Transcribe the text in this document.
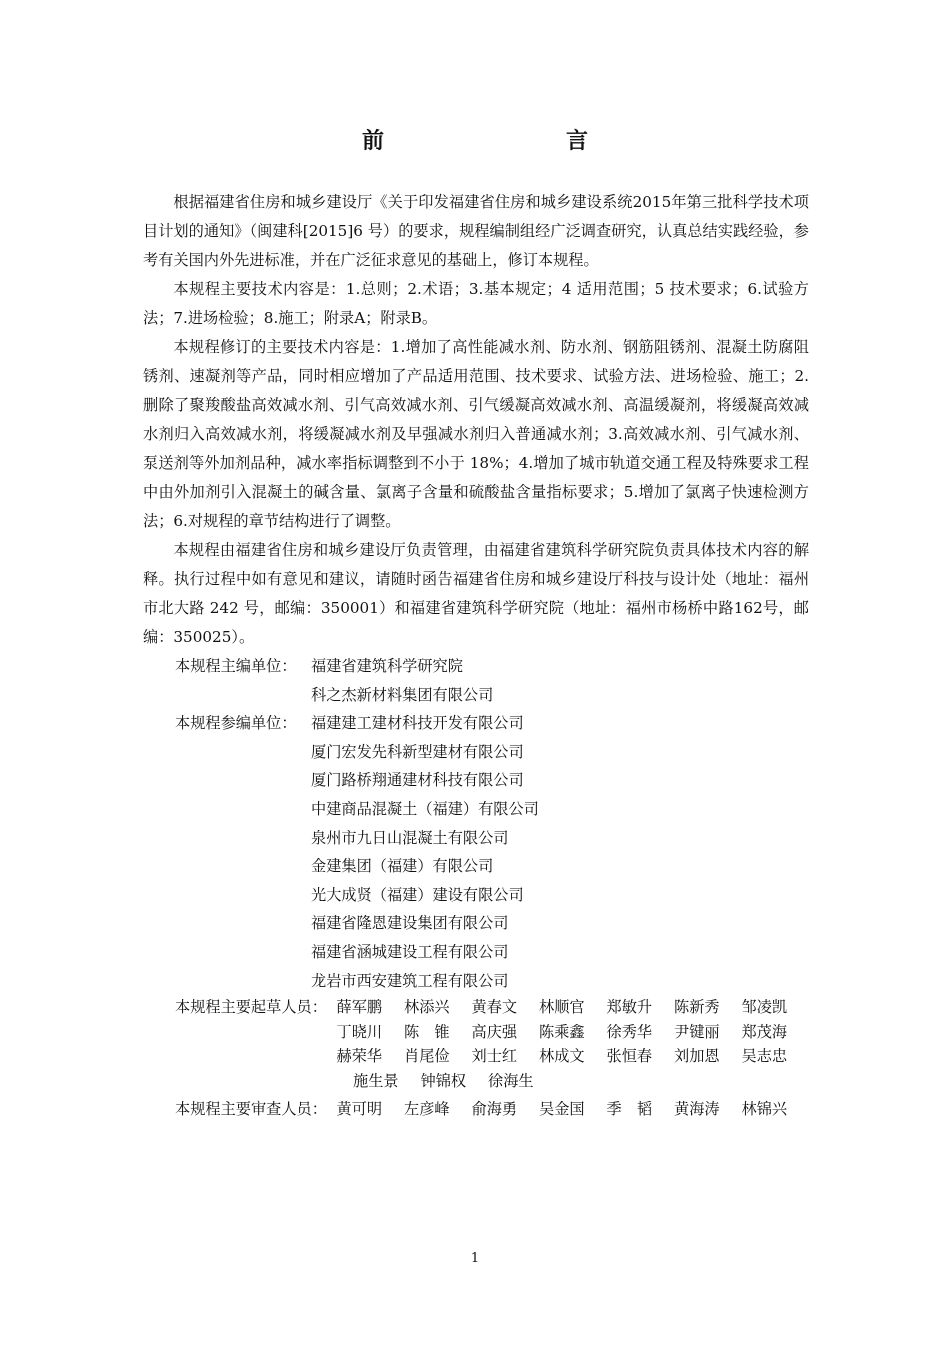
前　　言

根据福建省住房和城乡建设厅《关于印发福建省住房和城乡建设系统2015年第三批科学技术项目计划的通知》（闽建科[2015]6 号）的要求，规程编制组经广泛调查研究，认真总结实践经验，参考有关国内外先进标准，并在广泛征求意见的基础上，修订本规程。

本规程主要技术内容是：1.总则；2.术语；3.基本规定；4 适用范围；5 技术要求；6.试验方法；7.进场检验；8.施工；附录A；附录B。

本规程修订的主要技术内容是：1.增加了高性能减水剂、防水剂、钢筋阻锈剂、混凝土防腐阻锈剂、速凝剂等产品，同时相应增加了产品适用范围、技术要求、试验方法、进场检验、施工；2.删除了聚羧酸盐高效减水剂、引气高效减水剂、引气缓凝高效减水剂、高温缓凝剂，将缓凝高效减水剂归入高效减水剂，将缓凝减水剂及早强减水剂归入普通减水剂；3.高效减水剂、引气减水剂、泵送剂等外加剂品种，减水率指标调整到不小于 18%；4.增加了城市轨道交通工程及特殊要求工程中由外加剂引入混凝土的碱含量、氯离子含量和硫酸盐含量指标要求；5.增加了氯离子快速检测方法；6.对规程的章节结构进行了调整。

本规程由福建省住房和城乡建设厅负责管理，由福建省建筑科学研究院负责具体技术内容的解释。执行过程中如有意见和建议，请随时函告福建省住房和城乡建设厅科技与设计处（地址：福州市北大路 242 号，邮编：350001）和福建省建筑科学研究院（地址：福州市杨桥中路162号，邮编：350025）。

本规程主编单位： 福建省建筑科学研究院
科之杰新材料集团有限公司
本规程参编单位： 福建建工建材科技开发有限公司
厦门宏发先科新型建材有限公司
厦门路桥翔通建材科技有限公司
中建商品混凝土（福建）有限公司
泉州市九日山混凝土有限公司
金建集团（福建）有限公司
光大成贤（福建）建设有限公司
福建省隆恩建设集团有限公司
福建省涵城建设工程有限公司
龙岩市西安建筑工程有限公司
本规程主要起草人员： 薛军鹏	林添兴	黄春文	林顺官	郑敏升	陈新秀	邹凌凯
丁晓川	陈　锥	高庆强	陈乘鑫	徐秀华	尹键丽	郑茂海
赫荣华	肖尾俭	刘士红	林成文	张恒春	刘加恩	吴志忠
施生景	钟锦权	徐海生
本规程主要审查人员： 黄可明	左彦峰	俞海勇	吴金国	季　韬	黄海涛	林锦兴
1
